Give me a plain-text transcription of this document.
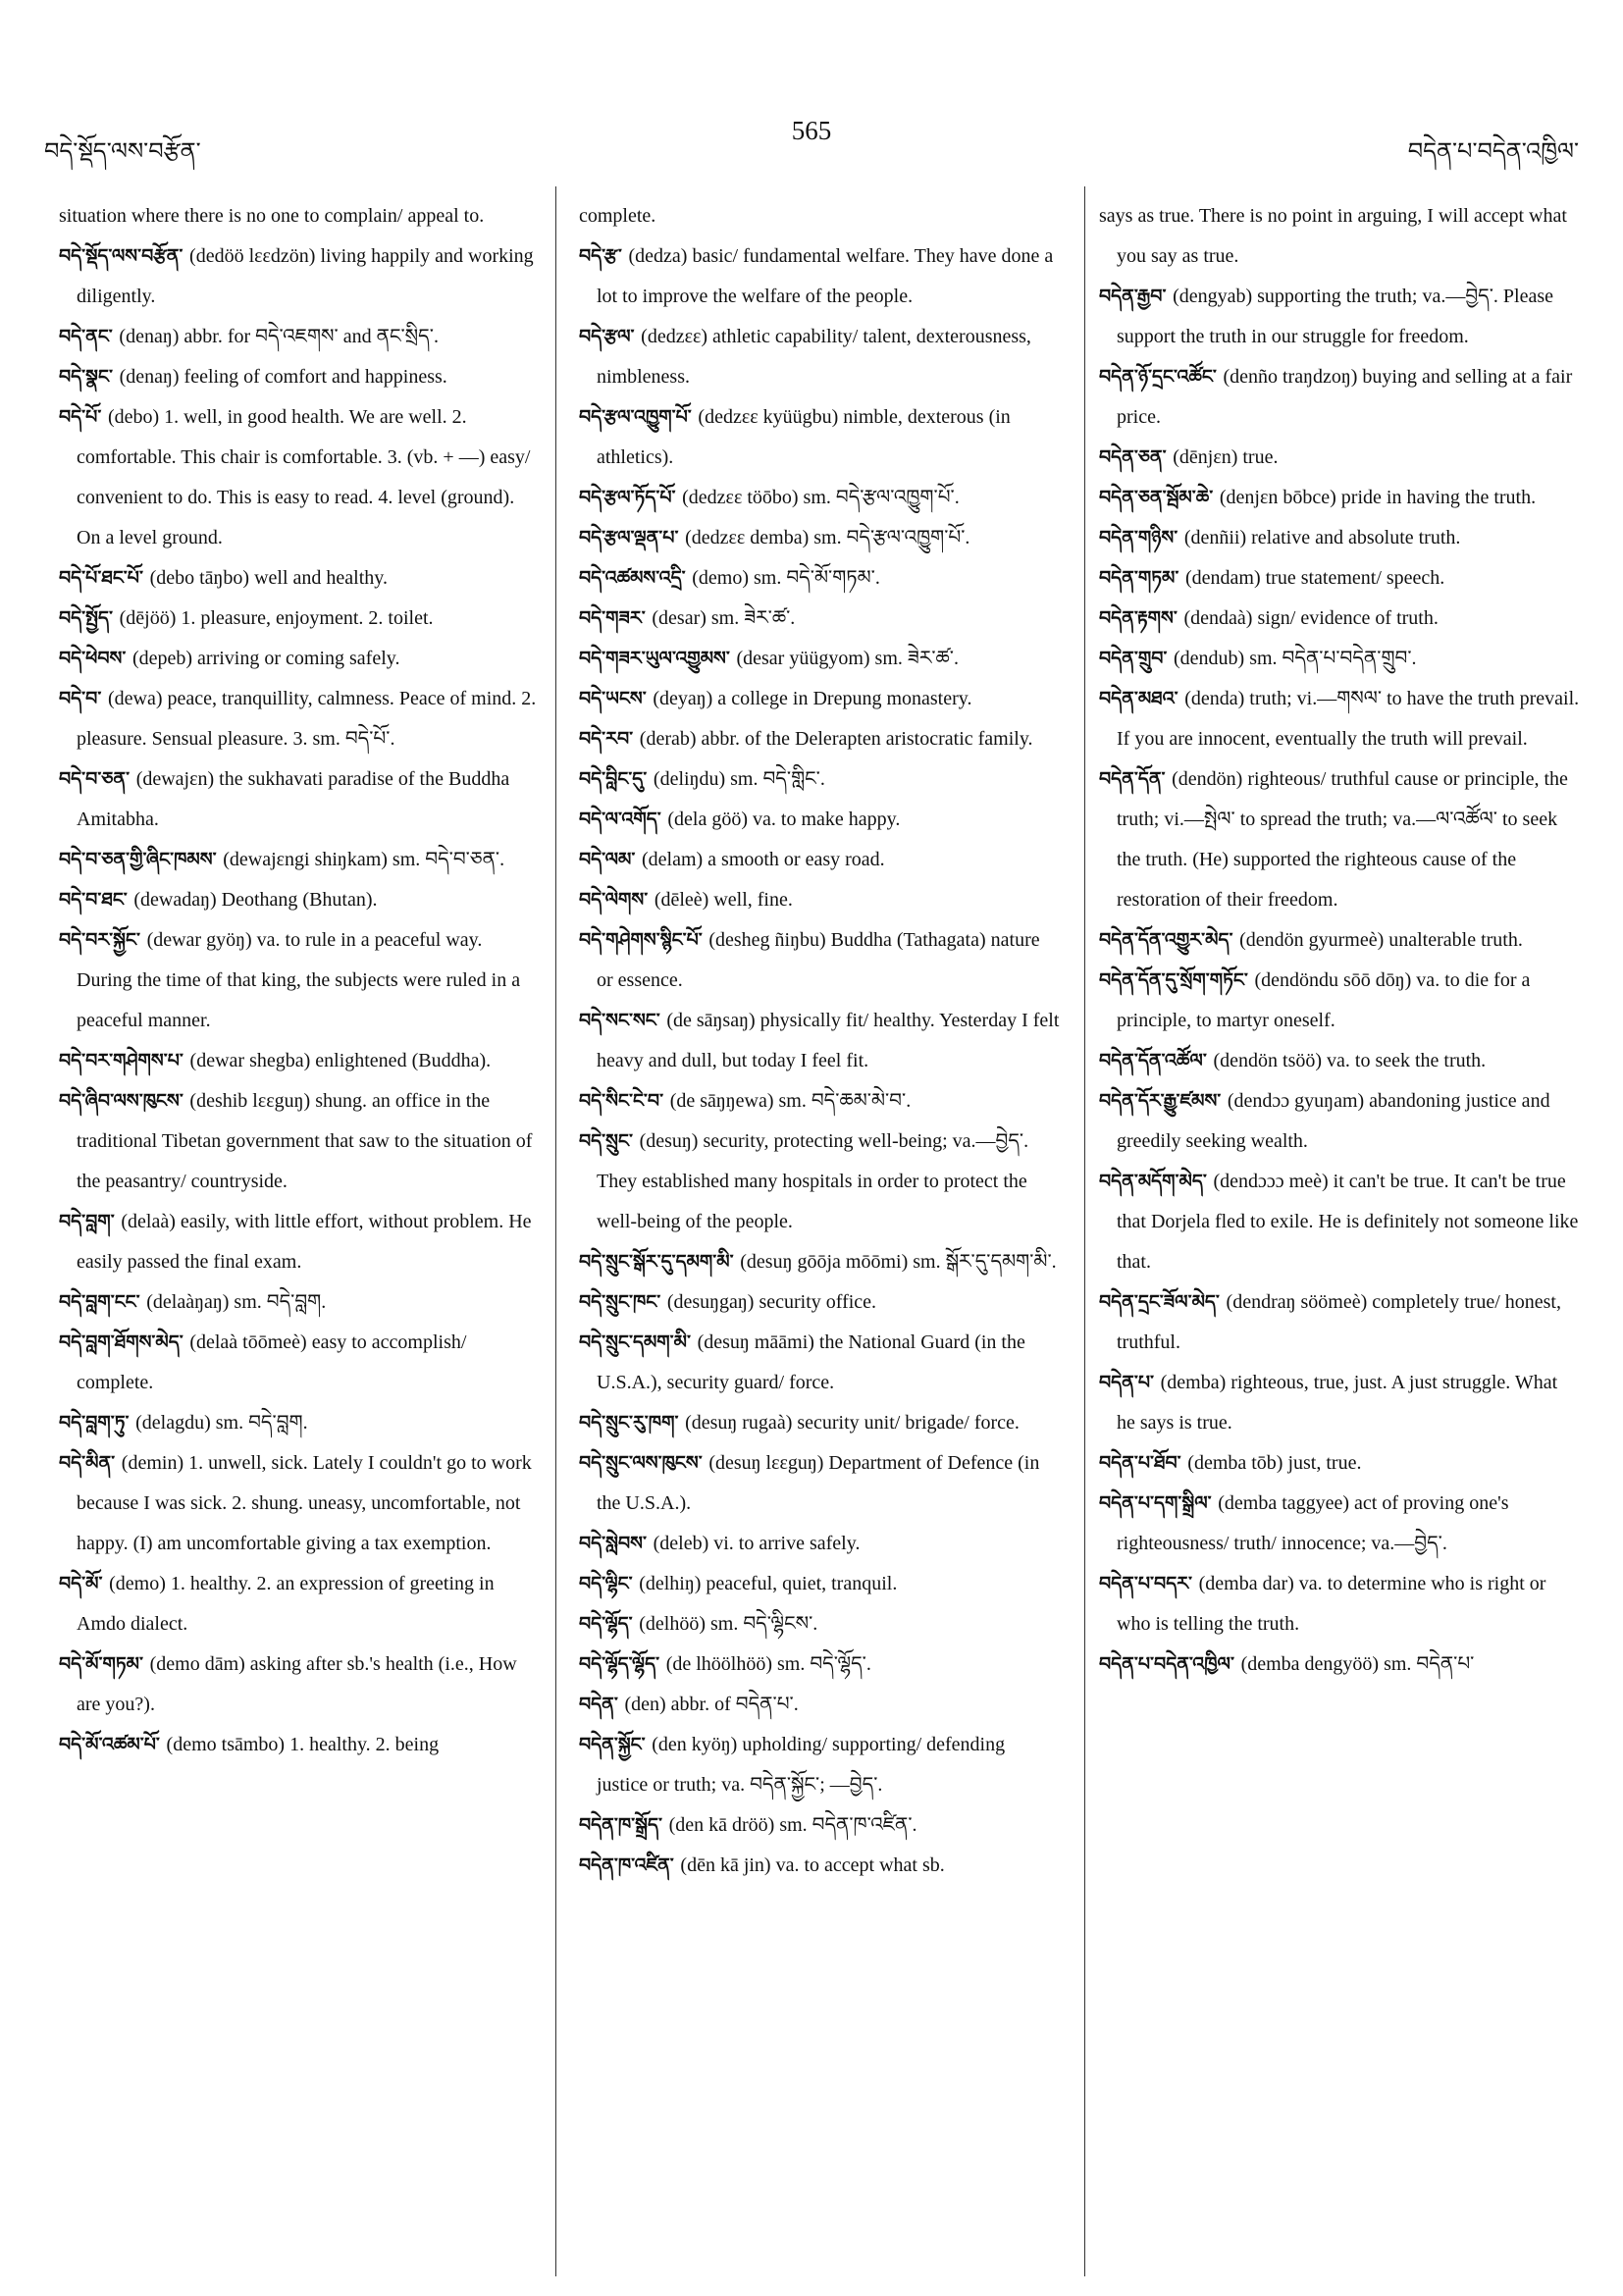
བདེ་སྡོད་ལས་བརྩོན་
565
བདེན་པ་བདེན་འཁྱིལ་

situation where there is no one to complain/ appeal to.

བདེ་སྡོད་ལས་བརྩོན་ (dedöö lɛɛdzön) living happily and working diligently.

བདེ་ནང་ (denaŋ) abbr. for བདེ་འཇགས་ and ནང་སྲིད་.

བདེ་སྣང་ (denaŋ) feeling of comfort and happiness.

བདེ་པོ་ (debo) 1. well, in good health. We are well. 2. comfortable. This chair is comfortable. 3. (vb. + —) easy/ convenient to do. This is easy to read. 4. level (ground). On a level ground.

བདེ་པོ་ཐང་པོ་ (debo tāŋbo) well and healthy.

བདེ་སྤྱོད་ (dējöö) 1. pleasure, enjoyment. 2. toilet.

བདེ་ཕེབས་ (depeb) arriving or coming safely.

བདེ་བ་ (dewa) peace, tranquillity, calmness. Peace of mind. 2. pleasure. Sensual pleasure. 3. sm. བདེ་པོ་.

བདེ་བ་ཅན་ (dewajɛn) the sukhavati paradise of the Buddha Amitabha.

བདེ་བ་ཅན་གྱི་ཞིང་ཁམས་ (dewajɛngi shiŋkam) sm. བདེ་བ་ཅན་.

བདེ་བ་ཐང་ (dewadaŋ) Deothang (Bhutan).

བདེ་བར་སྐྱོང་ (dewar gyöŋ) va. to rule in a peaceful way. During the time of that king, the subjects were ruled in a peaceful manner.

བདེ་བར་གཤེགས་པ་ (dewar shegba) enlightened (Buddha).

བདེ་ཞིབ་ལས་ཁུངས་ (deshib lɛɛguŋ) shung. an office in the traditional Tibetan government that saw to the situation of the peasantry/ countryside.

བདེ་བླག་ (delaà) easily, with little effort, without problem. He easily passed the final exam.

བདེ་བླག་ངང་ (delaàŋaŋ) sm. བདེ་བླག.

བདེ་བླག་ཐོགས་མེད་ (delaà tōōmeè) easy to accomplish/ complete.

བདེ་བླག་ཏུ་ (delagdu) sm. བདེ་བླག.

བདེ་མིན་ (demin) 1. unwell, sick. Lately I couldn't go to work because I was sick. 2. shung. uneasy, uncomfortable, not happy. (I) am uncomfortable giving a tax exemption.

བདེ་མོ་ (demo) 1. healthy. 2. an expression of greeting in Amdo dialect.

བདེ་མོ་གཏམ་ (demo dām) asking after sb.'s health (i.e., How are you?).

བདེ་མོ་འཚམ་པོ་ (demo tsāmbo) 1. healthy. 2. being

complete.

བདེ་རྩ་ (dedza) basic/ fundamental welfare. They have done a lot to improve the welfare of the people.

བདེ་རྩལ་ (dedzɛɛ) athletic capability/ talent, dexterousness, nimbleness.

བདེ་རྩལ་འཁྱུག་པོ་ (dedzɛɛ kyüügbu) nimble, dexterous (in athletics).

བདེ་རྩལ་ཏོད་པོ་ (dedzɛɛ töōbo) sm. བདེ་རྩལ་འཁྱུག་པོ་.

བདེ་རྩལ་ལྡན་པ་ (dedzɛɛ demba) sm. བདེ་རྩལ་འཁྱུག་པོ་.

བདེ་འཚམས་འདྲི་ (demo) sm. བདེ་མོ་གཏམ་.

བདེ་གཟར་ (desar) sm. ཟེར་ཚ་.

བདེ་གཟར་ཡུལ་འགྱུམས་ (desar yüügyom) sm. ཟེར་ཚ་.

བདེ་ཡངས་ (deyaŋ) a college in Drepung monastery.

བདེ་རབ་ (derab) abbr. of the Delerapten aristocratic family.

བདེ་བླིང་དུ་ (deliŋdu) sm. བདེ་གླིང་.

བདེ་ལ་འགོད་ (dela göö) va. to make happy.

བདེ་ལམ་ (delam) a smooth or easy road.

བདེ་ལེགས་ (dēleè) well, fine.

བདེ་གཤེགས་སྙིང་པོ་ (desheg ñiŋbu) Buddha (Tathagata) nature or essence.

བདེ་སང་སང་ (de sāŋsaŋ) physically fit/ healthy. Yesterday I felt heavy and dull, but today I feel fit.

བདེ་སིང་ངེ་བ་ (de sāŋŋewa) sm. བདེ་ཆམ་མེ་བ་.

བདེ་སྲུང་ (desuŋ) security, protecting well-being; va.—བྱེད་. They established many hospitals in order to protect the well-being of the people.

བདེ་སྲུང་སྒོར་དུ་དམག་མི་ (desuŋ gōōja mōōmi) sm. སྒོར་དུ་དམག་མི་.

བདེ་སྲུང་ཁང་ (desuŋgaŋ) security office.

བདེ་སྲུང་དམག་མི་ (desuŋ māāmi) the National Guard (in the U.S.A.), security guard/ force.

བདེ་སྲུང་རུ་ཁག་ (desuŋ rugaà) security unit/ brigade/ force.

བདེ་སྲུང་ལས་ཁུངས་ (desuŋ lɛɛguŋ) Department of Defence (in the U.S.A.).

བདེ་སླེབས་ (deleb) vi. to arrive safely.

བདེ་ལྷིང་ (delhiŋ) peaceful, quiet, tranquil.

བདེ་ལྷོད་ (delhöö) sm. བདེ་ལྷིངས་.

བདེ་ལྷོད་ལྷོད་ (de lhöölhöö) sm. བདེ་ལྷོད་.

བདེན་ (den) abbr. of བདེན་པ་.

བདེན་སྐྱོང་ (den kyöŋ) upholding/ supporting/ defending justice or truth; va. བདེན་སྐྱོང་; —བྱེད་.

བདེན་ཁ་སྒྲོད་ (den kā dröö) sm. བདེན་ཁ་འཛིན་.

བདེན་ཁ་འཛིན་ (dēn kā jin) va. to accept what sb.

says as true. There is no point in arguing, I will accept what you say as true.

བདེན་རྒྱབ་ (dengyab) supporting the truth; va.—བྱེད་. Please support the truth in our struggle for freedom.

བདེན་ཉོ་དྲང་འཚོང་ (denño traŋdzoŋ) buying and selling at a fair price.

བདེན་ཅན་ (dēnjɛn) true.

བདེན་ཅན་སྦོམ་ཆེ་ (denjɛn bōbce) pride in having the truth.

བདེན་གཉིས་ (denñii) relative and absolute truth.

བདེན་གཏམ་ (dendam) true statement/ speech.

བདེན་རྟགས་ (dendaà) sign/ evidence of truth.

བདེན་གྲུབ་ (dendub) sm. བདེན་པ་བདེན་གྲུབ་.

བདེན་མཐའ་ (denda) truth; vi.—གསལ་ to have the truth prevail. If you are innocent, eventually the truth will prevail.

བདེན་དོན་ (dendön) righteous/ truthful cause or principle, the truth; vi.—སྤེལ་ to spread the truth; va.—ལ་འཚོལ་ to seek the truth. (He) supported the righteous cause of the restoration of their freedom.

བདེན་དོན་འགྱུར་མེད་ (dendön gyurmeè) unalterable truth.

བདེན་དོན་དུ་སྲོག་གཏོང་ (dendöndu sōō dōŋ) va. to die for a principle, to martyr oneself.

བདེན་དོན་འཚོལ་ (dendön tsöö) va. to seek the truth.

བདེན་དོར་རྒྱུ་ཛམས་ (dendɔɔ gyuŋam) abandoning justice and greedily seeking wealth.

བདེན་མདོག་མེད་ (dendɔɔɔ meè) it can't be true. It can't be true that Dorjela fled to exile. He is definitely not someone like that.

བདེན་དྲང་ཟོལ་མེད་ (dendraŋ söömeè) completely true/ honest, truthful.

བདེན་པ་ (demba) righteous, true, just. A just struggle. What he says is true.

བདེན་པ་ཐོབ་ (demba tōb) just, true.

བདེན་པ་དག་སྒྲིལ་ (demba taggyee) act of proving one's righteousness/ truth/ innocence; va.—བྱེད་.

བདེན་པ་བདར་ (demba dar) va. to determine who is right or who is telling the truth.

བདེན་པ་བདེན་འཁྱིལ་ (demba dengyöö) sm. བདེན་པ་
